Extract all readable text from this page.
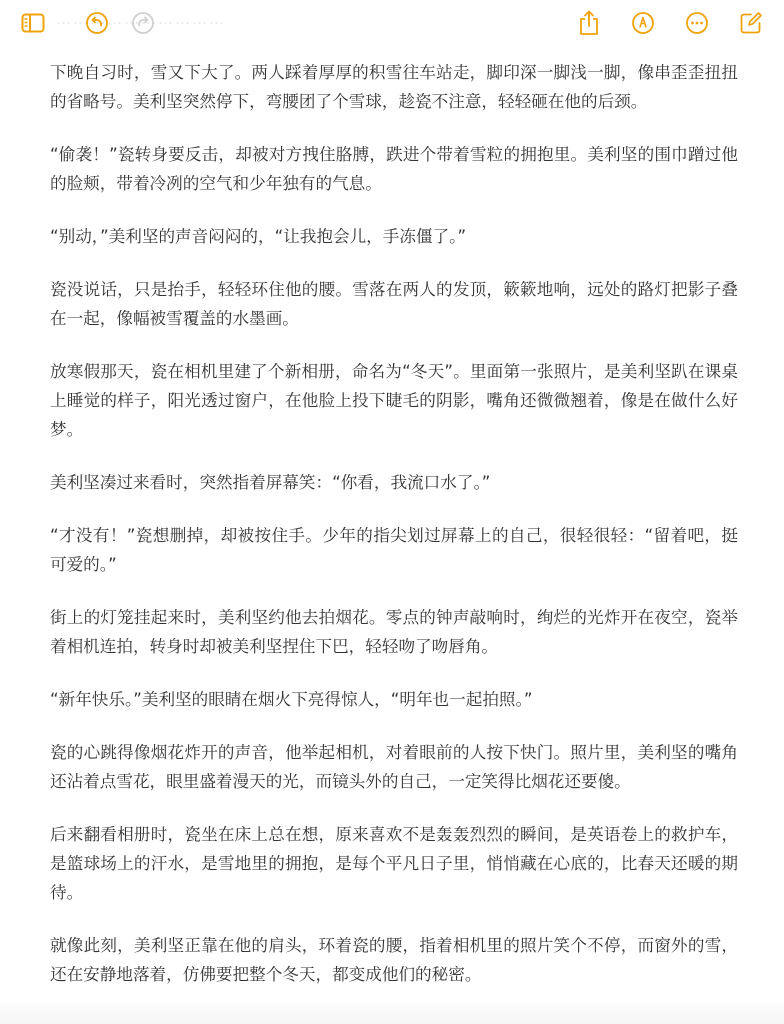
…………………………

下晚自习时，雪又下大了。两人踩着厚厚的积雪往车站走，脚印深一脚浅一脚，像串歪歪扭扭的省略号。美利坚突然停下，弯腰团了个雪球，趁瓷不注意，轻轻砸在他的后颈。

“偷袭！”瓷转身要反击，却被对方拽住胳膊，跌进个带着雪粒的拥抱里。美利坚的围巾蹭过他的脸颊，带着冷冽的空气和少年独有的气息。

“别动，”美利坚的声音闷闷的，“让我抱会儿，手冻僵了。”

瓷没说话，只是抬手，轻轻环住他的腰。雪落在两人的发顶，簌簌地响，远处的路灯把影子叠在一起，像幅被雪覆盖的水墨画。

放寒假那天，瓷在相机里建了个新相册，命名为“冬天”。里面第一张照片，是美利坚趴在课桌上睡觉的样子，阳光透过窗户，在他脸上投下睫毛的阴影，嘴角还微微翘着，像是在做什么好梦。

美利坚凑过来看时，突然指着屏幕笑：“你看，我流口水了。”

“才没有！”瓷想删掉，却被按住手。少年的指尖划过屏幕上的自己，很轻很轻：“留着吧，挺可爱的。”

街上的灯笼挂起来时，美利坚约他去拍烟花。零点的钟声敲响时，绚烂的光炸开在夜空，瓷举着相机连拍，转身时却被美利坚捏住下巴，轻轻吻了吻唇角。

“新年快乐。”美利坚的眼睛在烟火下亮得惊人，“明年也一起拍照。”

瓷的心跳得像烟花炸开的声音，他举起相机，对着眼前的人按下快门。照片里，美利坚的嘴角还沾着点雪花，眼里盛着漫天的光，而镜头外的自己，一定笑得比烟花还要傻。

后来翻看相册时，瓷坐在床上总在想，原来喜欢不是轰轰烈烈的瞬间，是英语卷上的救护车，是篮球场上的汗水，是雪地里的拥抱，是每个平凡日子里，悄悄藏在心底的，比春天还暖的期待。

就像此刻，美利坚正靠在他的肩头，环着瓷的腰，指着相机里的照片笑个不停，而窗外的雪，还在安静地落着，仿佛要把整个冬天，都变成他们的秘密。
